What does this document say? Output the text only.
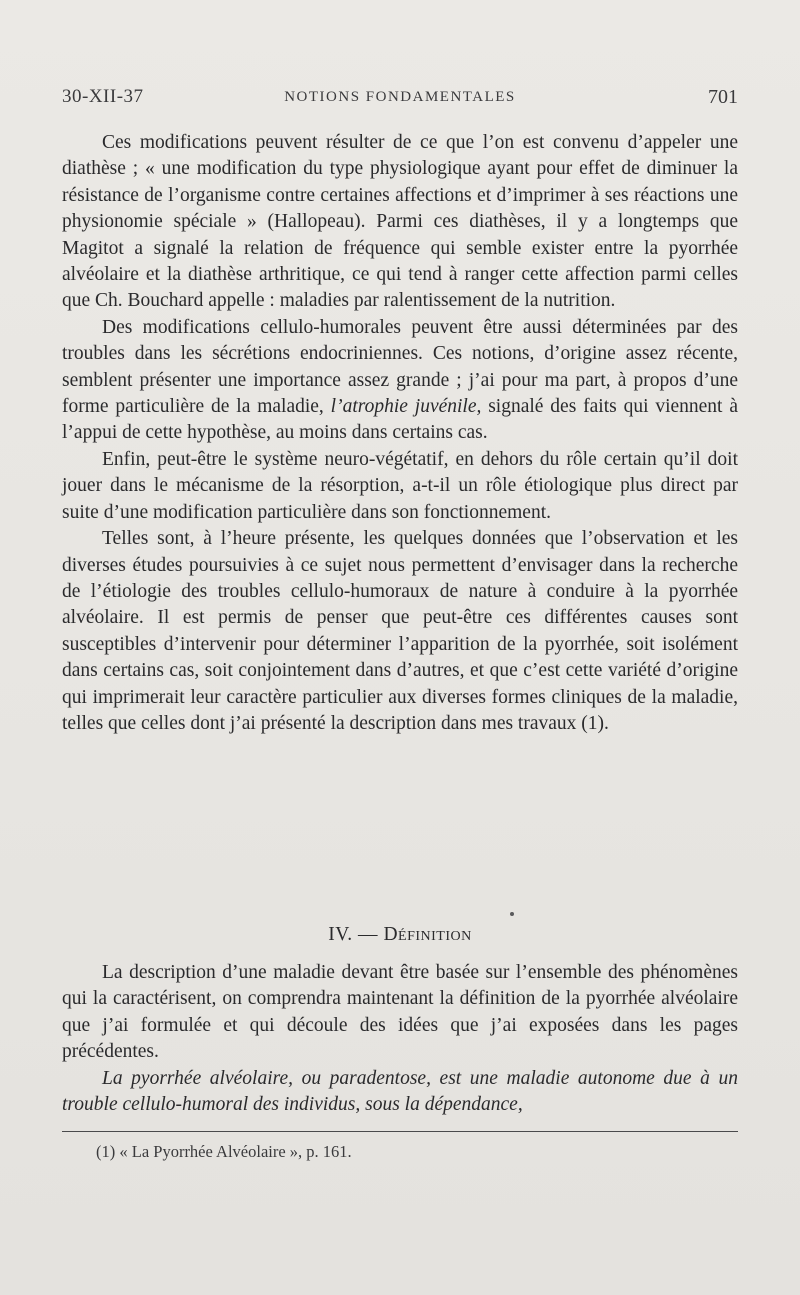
30-XII-37	NOTIONS FONDAMENTALES	701

Ces modifications peuvent résulter de ce que l’on est convenu d’appeler une diathèse ; « une modification du type physiologique ayant pour effet de diminuer la résistance de l’organisme contre certaines affections et d’imprimer à ses réactions une physionomie spéciale » (Hallopeau). Parmi ces diathèses, il y a longtemps que Magitot a signalé la relation de fréquence qui semble exister entre la pyorrhée alvéolaire et la diathèse arthritique, ce qui tend à ranger cette affection parmi celles que Ch. Bouchard appelle : maladies par ralentissement de la nutrition.

Des modifications cellulo-humorales peuvent être aussi déterminées par des troubles dans les sécrétions endocriniennes. Ces notions, d’origine assez récente, semblent présenter une importance assez grande ; j’ai pour ma part, à propos d’une forme particulière de la maladie, l’atrophie juvénile, signalé des faits qui viennent à l’appui de cette hypothèse, au moins dans certains cas.

Enfin, peut-être le système neuro-végétatif, en dehors du rôle certain qu’il doit jouer dans le mécanisme de la résorption, a-t-il un rôle étiologique plus direct par suite d’une modification particulière dans son fonctionnement.

Telles sont, à l’heure présente, les quelques données que l’observation et les diverses études poursuivies à ce sujet nous permettent d’envisager dans la recherche de l’étiologie des troubles cellulo-humoraux de nature à conduire à la pyorrhée alvéolaire. Il est permis de penser que peut-être ces différentes causes sont susceptibles d’intervenir pour déterminer l’apparition de la pyorrhée, soit isolément dans certains cas, soit conjointement dans d’autres, et que c’est cette variété d’origine qui imprimerait leur caractère particulier aux diverses formes cliniques de la maladie, telles que celles dont j’ai présenté la description dans mes travaux (1).

IV. — Définition

La description d’une maladie devant être basée sur l’ensemble des phénomènes qui la caractérisent, on comprendra maintenant la définition de la pyorrhée alvéolaire que j’ai formulée et qui découle des idées que j’ai exposées dans les pages précédentes.

La pyorrhée alvéolaire, ou paradentose, est une maladie autonome due à un trouble cellulo-humoral des individus, sous la dépendance,

(1) « La Pyorrhée Alvéolaire », p. 161.
